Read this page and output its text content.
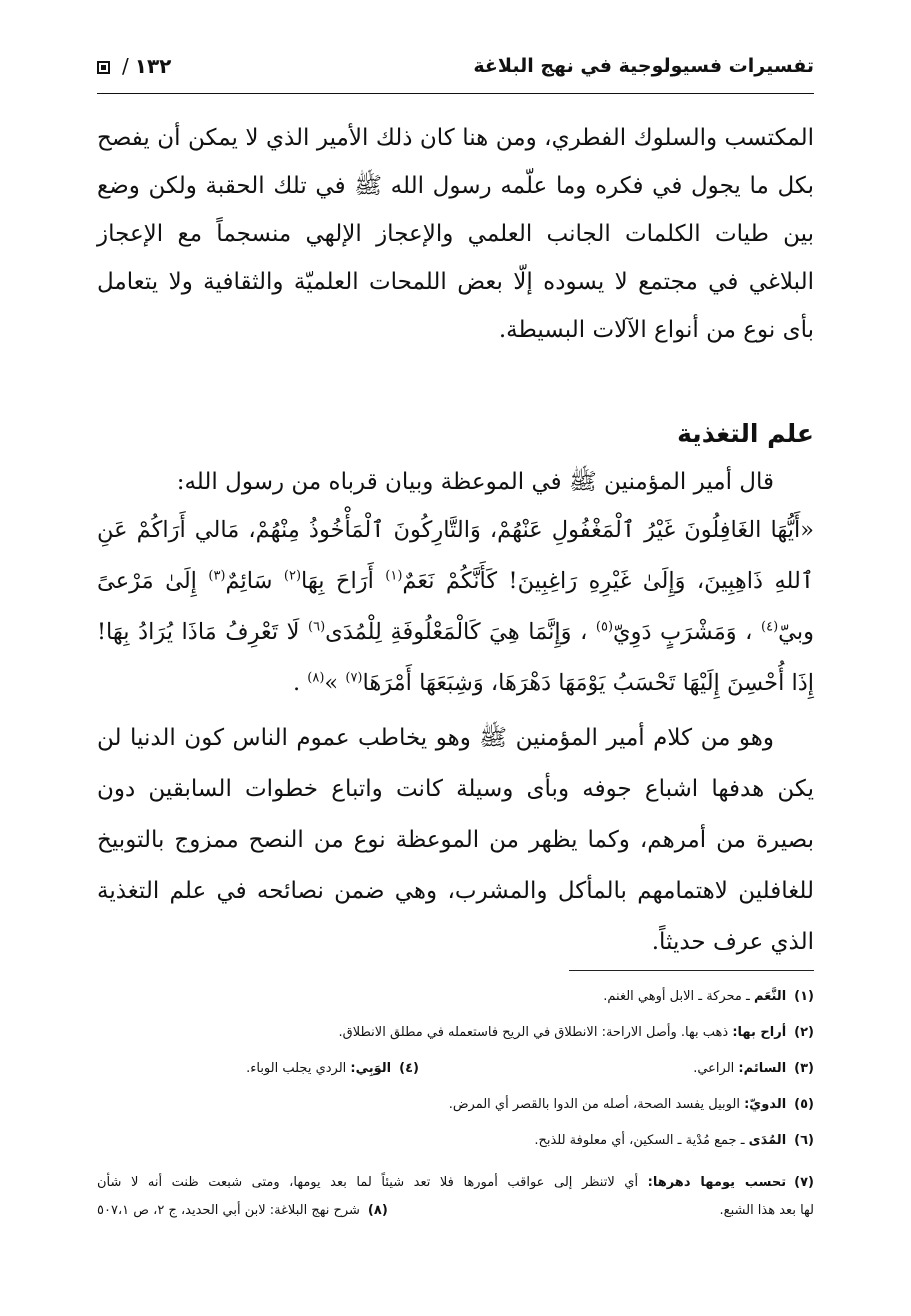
تفسيرات فسيولوجية في نهج البلاغة
١٣٢/

المكتسب والسلوك الفطري، ومن هنا كان ذلك الأمير الذي لا يمكن أن يفصح بكل ما يجول في فكره وما علّمه رسول الله ﷺ في تلك الحقبة ولكن وضع بين طيات الكلمات الجانب العلمي والإعجاز الإلهي منسجماً مع الإعجاز البلاغي في مجتمع لا يسوده إلّا بعض اللمحات العلميّة والثقافية ولا يتعامل بأى نوع من أنواع الآلات البسيطة.

علم التغذية

قال أمير المؤمنين ﷺ في الموعظة وبيان قرباه من رسول الله:

«أَيُّهَا الغَافِلُونَ غَيْرُ ٱلْمَغْفُولِ عَنْهُمْ، وَالتَّارِكُونَ ٱلْمَأْخُوذُ مِنْهُمْ، مَالي أَرَاكُمْ عَنِ ٱللهِ ذَاهِبِينَ، وَإِلَىٰ غَيْرِهِ رَاغِبِينَ! كَأَنَّكُمْ نَعَمٌ$^{(١)}$ أَرَاحَ بِهَا$^{(٢)}$ سَائِمٌ$^{(٣)}$ إِلَىٰ مَرْعىً وبيّ$^{(٤)}$ ، وَمَشْرَبٍ دَوِيّ$^{(٥)}$ ، وَإِنَّمَا هِيَ كَالْمَعْلُوفَةِ لِلْمُدَى$^{(٦)}$ لَا تَعْرِفُ مَاذَا يُرَادُ بِهَا! إِذَا أُحْسِنَ إِلَيْهَا تَحْسَبُ يَوْمَهَا دَهْرَهَا، وَشِبَعَهَا أَمْرَهَا$^{(٧)}$ »$^{(٨)}$ .

وهو من كلام أمير المؤمنين ﷺ وهو يخاطب عموم الناس كون الدنيا لن يكن هدفها اشباع جوفه وبأى وسيلة كانت واتباع خطوات السابقين دون بصيرة من أمرهم، وكما يظهر من الموعظة نوع من النصح ممزوج بالتوبيخ للغافلين لاهتمامهم بالمأكل والمشرب، وهي ضمن نصائحه في علم التغذية الذي عرف حديثاً.

(١)النَّعَم ـ محركة ـ الابل أوهي الغنم.
(٢)أراح بها: ذهب بها. وأصل الاراحة: الانطلاق في الريح فاستعمله في مطلق الانطلاق.
(٣)السائم: الراعي.
(٤)الوَبِي: الردي يجلب الوباء.
(٥)الدويّ: الوبيل يفسد الصحة، أصله من الدوا بالقصر أي المرض.
(٦)المُدَى ـ جمع مُدْية ـ السكين، أي معلوفة للذبح.
(٧)تحسب يومها دهرها: أي لاتنظر إلى عواقب أمورها فلا تعد شيئاً لما بعد يومها، ومتى شبعت ظنت أنه لا شأن
لها بعد هذا الشبع.
(٨)شرح نهج البلاغة: لابن أبي الحديد، ج ٢، ص ٥٠٧،١
